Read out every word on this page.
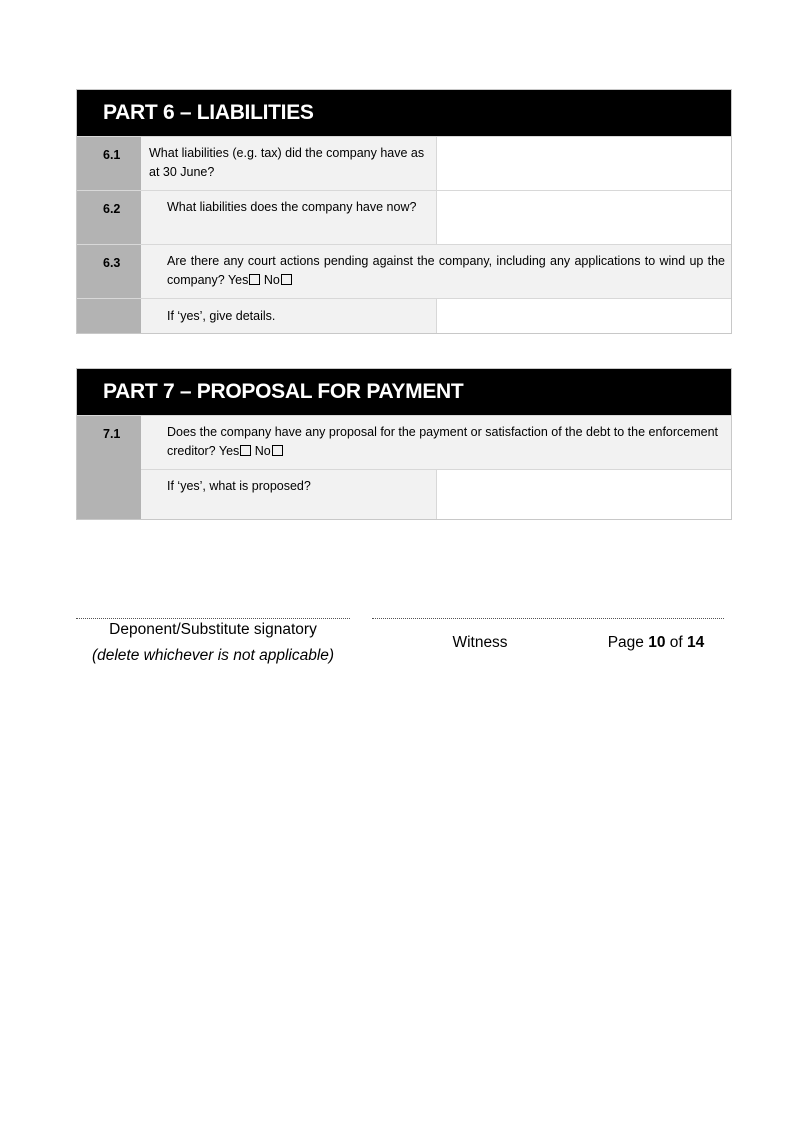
PART 6 – LIABILITIES
6.1	What liabilities (e.g. tax) did the company have as at 30 June?
6.2	What liabilities does the company have now?
6.3	Are there any court actions pending against the company, including any applications to wind up the company? Yes No
If ‘yes’, give details.
PART 7 – PROPOSAL FOR PAYMENT
7.1	Does the company have any proposal for the payment or satisfaction of the debt to the enforcement creditor? Yes No
If ‘yes’, what is proposed?
Deponent/Substitute signatory
(delete whichever is not applicable)
Witness	Page 10 of 14
